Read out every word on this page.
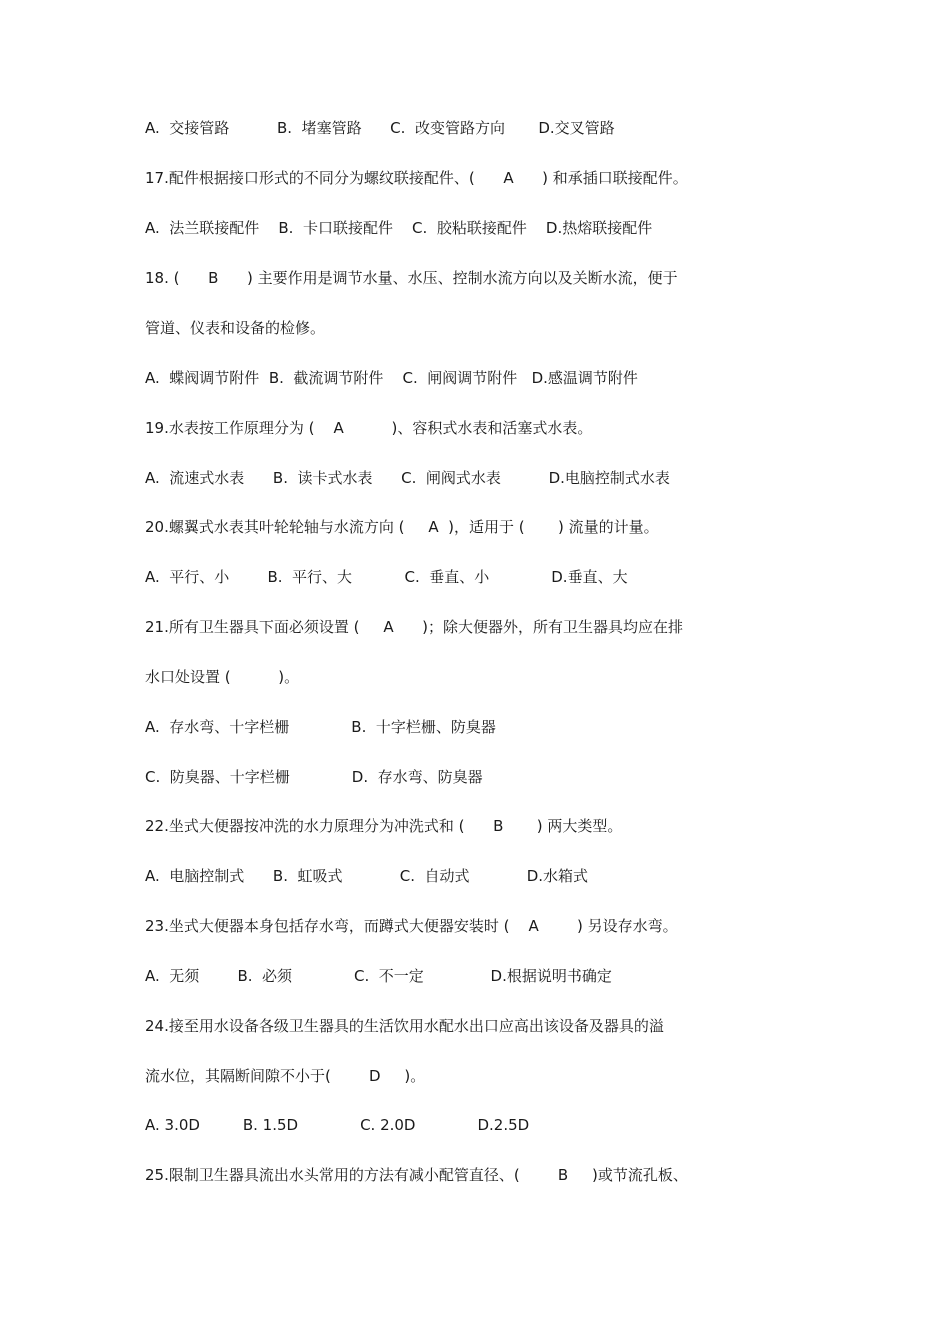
A.  交接管路          B.  堵塞管路      C.  改变管路方向       D.交叉管路
17.配件根据接口形式的不同分为螺纹联接配件、(      A      ) 和承插口联接配件。
A.  法兰联接配件    B.  卡口联接配件    C.  胶粘联接配件    D.热熔联接配件
18. (      B      ) 主要作用是调节水量、水压、控制水流方向以及关断水流，便于
管道、仪表和设备的检修。
A.  蝶阀调节附件  B.  截流调节附件    C.  闸阀调节附件   D.感温调节附件
19.水表按工作原理分为 (    A          )、容积式水表和活塞式水表。
A.  流速式水表      B.  读卡式水表      C.  闸阀式水表          D.电脑控制式水表
20.螺翼式水表其叶轮轮轴与水流方向 (     A  )，适用于 (       ) 流量的计量。
A.  平行、小        B.  平行、大           C.  垂直、小             D.垂直、大
21.所有卫生器具下面必须设置 (     A      )；除大便器外，所有卫生器具均应在排
水口处设置 (          )。
A.  存水弯、十字栏栅             B.  十字栏栅、防臭器
C.  防臭器、十字栏栅             D.  存水弯、防臭器
22.坐式大便器按冲洗的水力原理分为冲洗式和 (      B       ) 两大类型。
A.  电脑控制式      B.  虹吸式            C.  自动式            D.水箱式
23.坐式大便器本身包括存水弯，而蹲式大便器安装时 (    A        ) 另设存水弯。
A.  无须        B.  必须             C.  不一定              D.根据说明书确定
24.接至用水设备各级卫生器具的生活饮用水配水出口应高出该设备及器具的溢
流水位，其隔断间隙不小于(        D     )。
A. 3.0D         B. 1.5D             C. 2.0D             D.2.5D
25.限制卫生器具流出水头常用的方法有减小配管直径、(        B     )或节流孔板、
